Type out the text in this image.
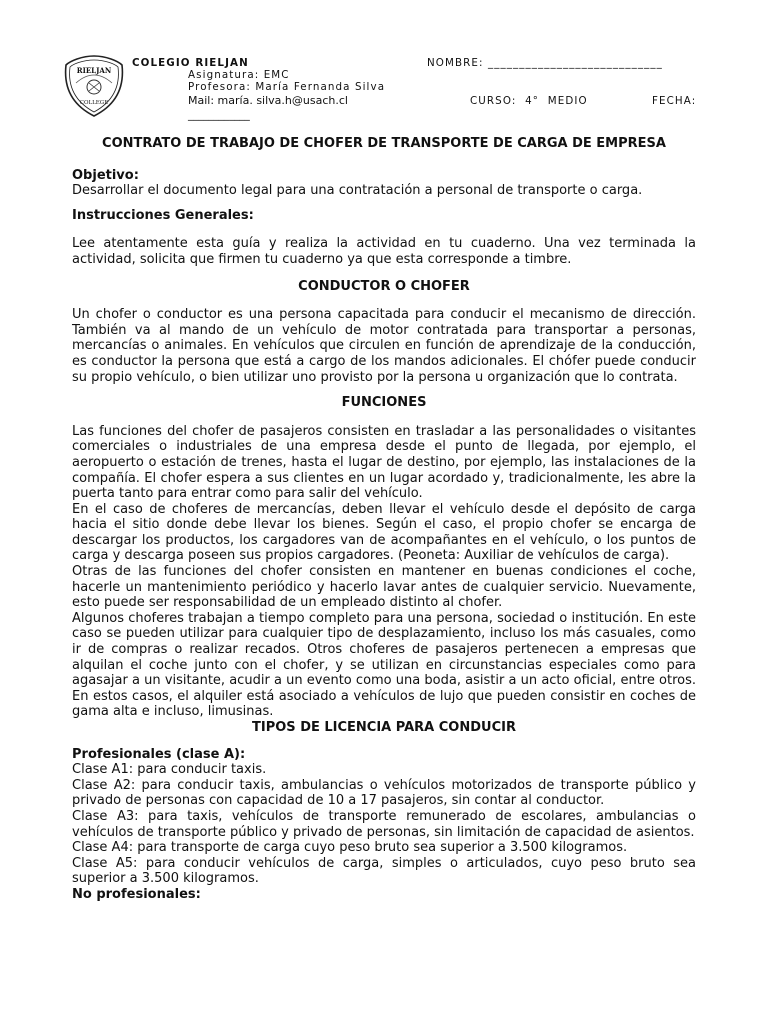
RIELJAN
COLLEGE
COLEGIO RIELJAN
Asignatura: EMC
Profesora: María Fernanda Silva
Mail: maría. silva.h@usach.cl
____________
NOMBRE: ____________________________
CURSO:  4°  MEDIO	FECHA:

CONTRATO DE TRABAJO DE CHOFER DE TRANSPORTE DE CARGA DE EMPRESA

Objetivo:

Desarrollar el documento legal para una contratación a personal de transporte o carga.

Instrucciones Generales:

Lee atentamente esta guía y realiza la actividad en tu cuaderno. Una vez terminada la actividad, solicita que firmen tu cuaderno ya que esta corresponde a timbre.

CONDUCTOR O CHOFER

Un chofer o conductor es una persona capacitada para conducir el mecanismo de dirección. También va al mando de un vehículo de motor contratada para transportar a personas, mercancías o animales. En vehículos que circulen en función de aprendizaje de la conducción, es conductor la persona que está a cargo de los mandos adicionales. El chófer puede conducir su propio vehículo, o bien utilizar uno provisto por la persona u organización que lo contrata.

FUNCIONES

Las funciones del chofer de pasajeros consisten en trasladar a las personalidades o visitantes comerciales o industriales de una empresa desde el punto de llegada, por ejemplo, el aeropuerto o estación de trenes, hasta el lugar de destino, por ejemplo, las instalaciones de la compañía. El chofer espera a sus clientes en un lugar acordado y, tradicionalmente, les abre la puerta tanto para entrar como para salir del vehículo.

En el caso de choferes de mercancías, deben llevar el vehículo desde el depósito de carga hacia el sitio donde debe llevar los bienes. Según el caso, el propio chofer se encarga de descargar los productos, los cargadores van de acompañantes en el vehículo, o los puntos de carga y descarga poseen sus propios cargadores. (Peoneta: Auxiliar de vehículos de carga).

Otras de las funciones del chofer consisten en mantener en buenas condiciones el coche, hacerle un mantenimiento periódico y hacerlo lavar antes de cualquier servicio. Nuevamente, esto puede ser responsabilidad de un empleado distinto al chofer.

Algunos choferes trabajan a tiempo completo para una persona, sociedad o institución. En este caso se pueden utilizar para cualquier tipo de desplazamiento, incluso los más casuales, como ir de compras o realizar recados. Otros choferes de pasajeros pertenecen a empresas que alquilan el coche junto con el chofer, y se utilizan en circunstancias especiales como para agasajar a un visitante, acudir a un evento como una boda, asistir a un acto oficial, entre otros. En estos casos, el alquiler está asociado a vehículos de lujo que pueden consistir en coches de gama alta e incluso, limusinas.

TIPOS DE LICENCIA PARA CONDUCIR

Profesionales (clase A):

Clase A1: para conducir taxis.

Clase A2: para conducir taxis, ambulancias o vehículos motorizados de transporte público y privado de personas con capacidad de 10 a 17 pasajeros, sin contar al conductor.

Clase A3: para taxis, vehículos de transporte remunerado de escolares, ambulancias o vehículos de transporte público y privado de personas, sin limitación de capacidad de asientos.

Clase A4: para transporte de carga cuyo peso bruto sea superior a 3.500 kilogramos.

Clase A5: para conducir vehículos de carga, simples o articulados, cuyo peso bruto sea superior a 3.500 kilogramos.

No profesionales:
